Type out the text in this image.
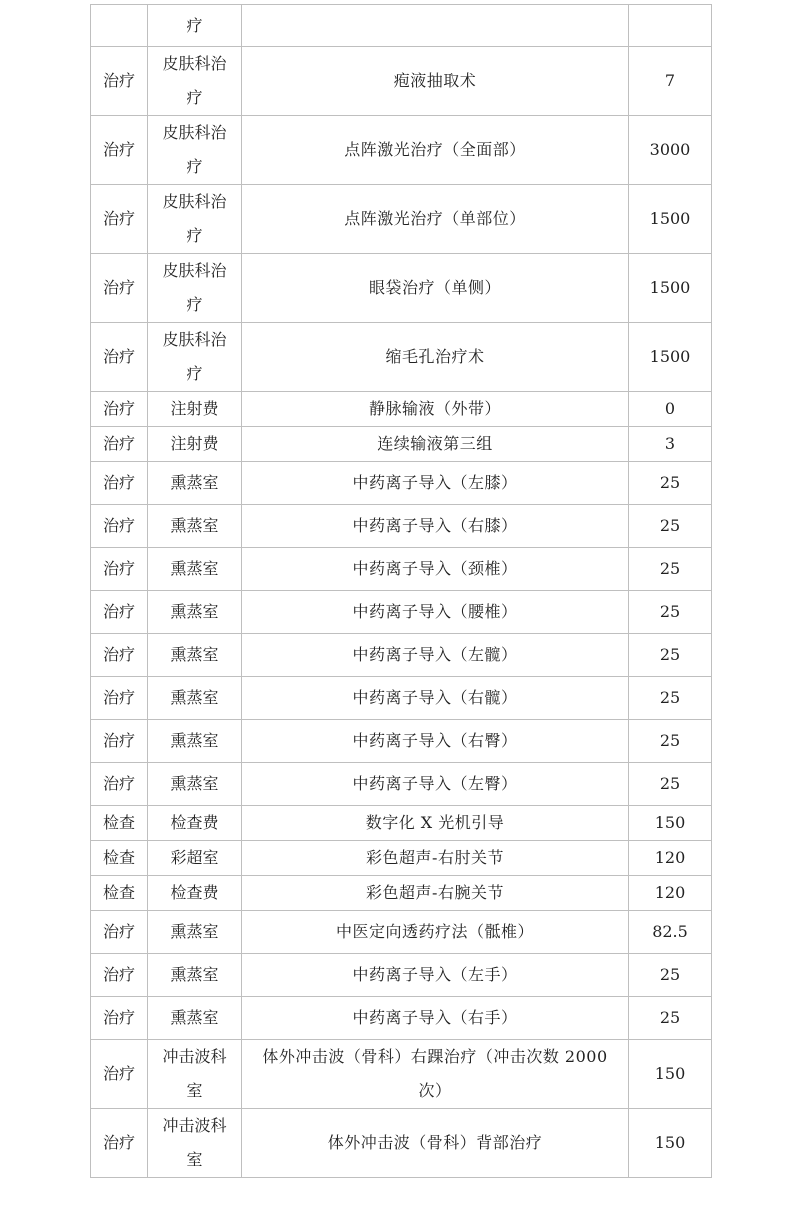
	疗		
治疗	皮肤科治疗	疱液抽取术	7
治疗	皮肤科治疗	点阵激光治疗（全面部）	3000
治疗	皮肤科治疗	点阵激光治疗（单部位）	1500
治疗	皮肤科治疗	眼袋治疗（单侧）	1500
治疗	皮肤科治疗	缩毛孔治疗术	1500
治疗	注射费	静脉输液（外带）	0
治疗	注射费	连续输液第三组	3
治疗	熏蒸室	中药离子导入（左膝）	25
治疗	熏蒸室	中药离子导入（右膝）	25
治疗	熏蒸室	中药离子导入（颈椎）	25
治疗	熏蒸室	中药离子导入（腰椎）	25
治疗	熏蒸室	中药离子导入（左髋）	25
治疗	熏蒸室	中药离子导入（右髋）	25
治疗	熏蒸室	中药离子导入（右臀）	25
治疗	熏蒸室	中药离子导入（左臀）	25
检查	检查费	数字化 X 光机引导	150
检查	彩超室	彩色超声-右肘关节	120
检查	检查费	彩色超声-右腕关节	120
治疗	熏蒸室	中医定向透药疗法（骶椎）	82.5
治疗	熏蒸室	中药离子导入（左手）	25
治疗	熏蒸室	中药离子导入（右手）	25
治疗	冲击波科室	体外冲击波（骨科）右踝治疗（冲击次数 2000 次）	150
治疗	冲击波科室	体外冲击波（骨科）背部治疗	150
